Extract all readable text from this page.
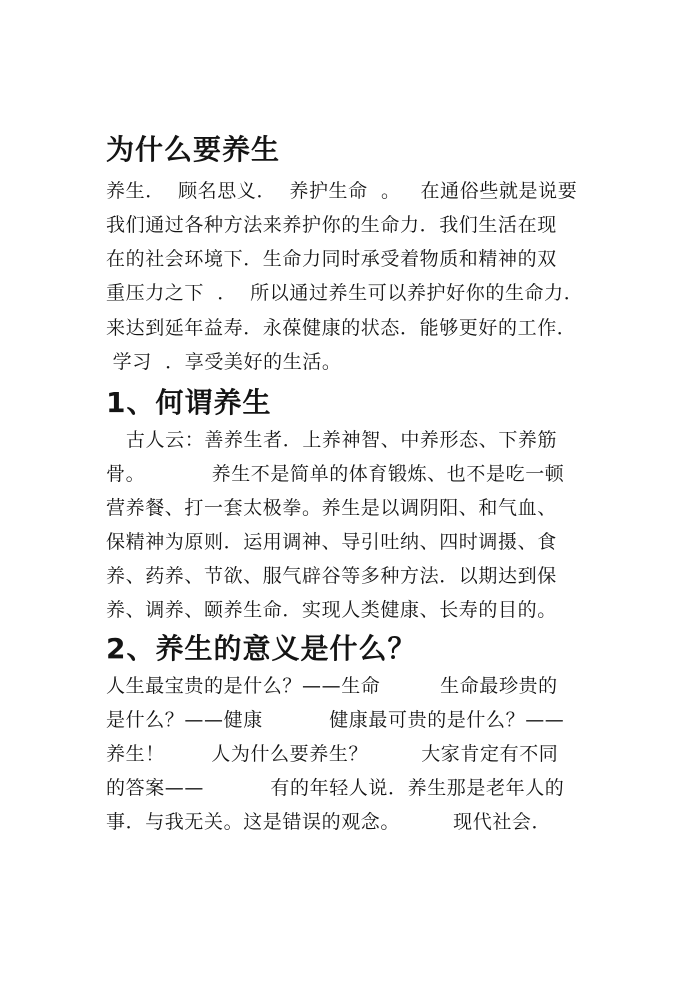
为什么要养生
养生．  顾名思义．  养护生命  。   在通俗些就是说要
我们通过各种方法来养护你的生命力．我们生活在现
在的社会环境下．生命力同时承受着物质和精神的双
重压力之下  ．  所以通过养生可以养护好你的生命力．
来达到延年益寿．永葆健康的状态．能够更好的工作．
学习  ．享受美好的生活。
1、何谓养生
古人云：善养生者．上养神智、中养形态、下养筋
骨。          养生不是简单的体育锻炼、也不是吃一顿
营养餐、打一套太极拳。养生是以调阴阳、和气血、
保精神为原则．运用调神、导引吐纳、四时调摄、食
养、药养、节欲、服气辟谷等多种方法．以期达到保
养、调养、颐养生命．实现人类健康、长寿的目的。
2、养生的意义是什么？
人生最宝贵的是什么？——生命         生命最珍贵的
是什么？——健康          健康最可贵的是什么？——
养生！       人为什么要养生？        大家肯定有不同
的答案——          有的年轻人说．养生那是老年人的
事．与我无关。这是错误的观念。        现代社会．
